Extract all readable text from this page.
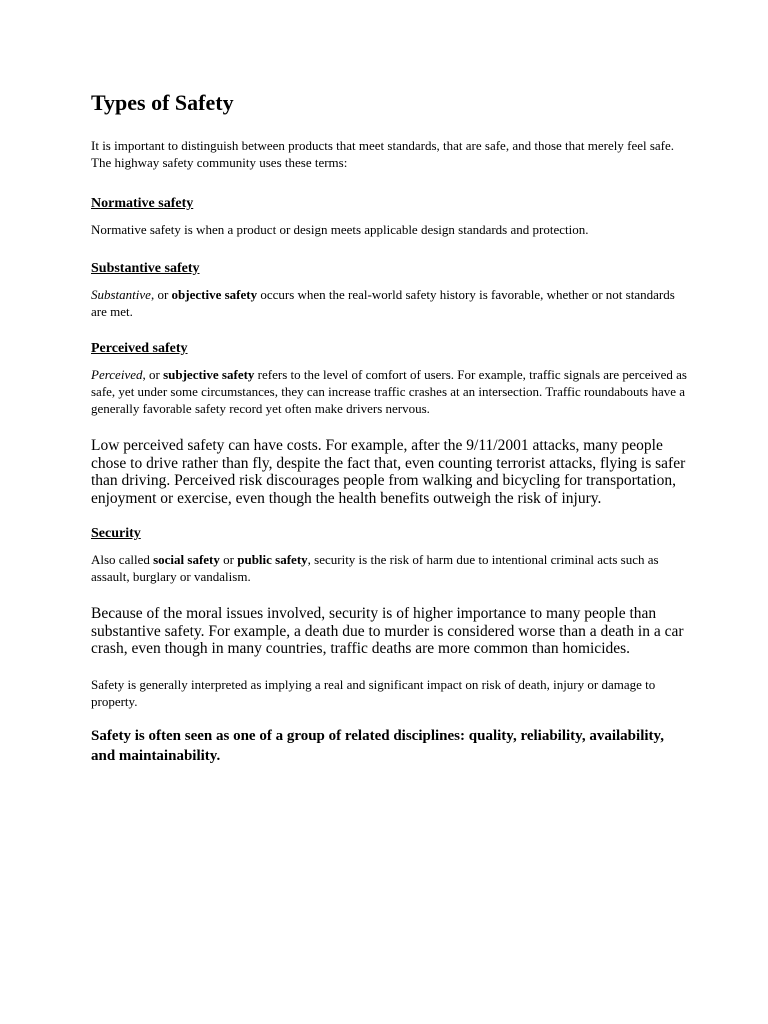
Types of Safety

It is important to distinguish between products that meet standards, that are safe, and those that merely feel safe. The highway safety community uses these terms:

Normative safety

Normative safety is when a product or design meets applicable design standards and protection.

Substantive safety

Substantive, or objective safety occurs when the real-world safety history is favorable, whether or not standards are met.

Perceived safety

Perceived, or subjective safety refers to the level of comfort of users. For example, traffic signals are perceived as safe, yet under some circumstances, they can increase traffic crashes at an intersection. Traffic roundabouts have a generally favorable safety record yet often make drivers nervous.

Low perceived safety can have costs. For example, after the 9/11/2001 attacks, many people chose to drive rather than fly, despite the fact that, even counting terrorist attacks, flying is safer than driving. Perceived risk discourages people from walking and bicycling for transportation, enjoyment or exercise, even though the health benefits outweigh the risk of injury.

Security

Also called social safety or public safety, security is the risk of harm due to intentional criminal acts such as assault, burglary or vandalism.

Because of the moral issues involved, security is of higher importance to many people than substantive safety. For example, a death due to murder is considered worse than a death in a car crash, even though in many countries, traffic deaths are more common than homicides.

Safety is generally interpreted as implying a real and significant impact on risk of death, injury or damage to property.

Safety is often seen as one of a group of related disciplines: quality, reliability, availability, and maintainability.
